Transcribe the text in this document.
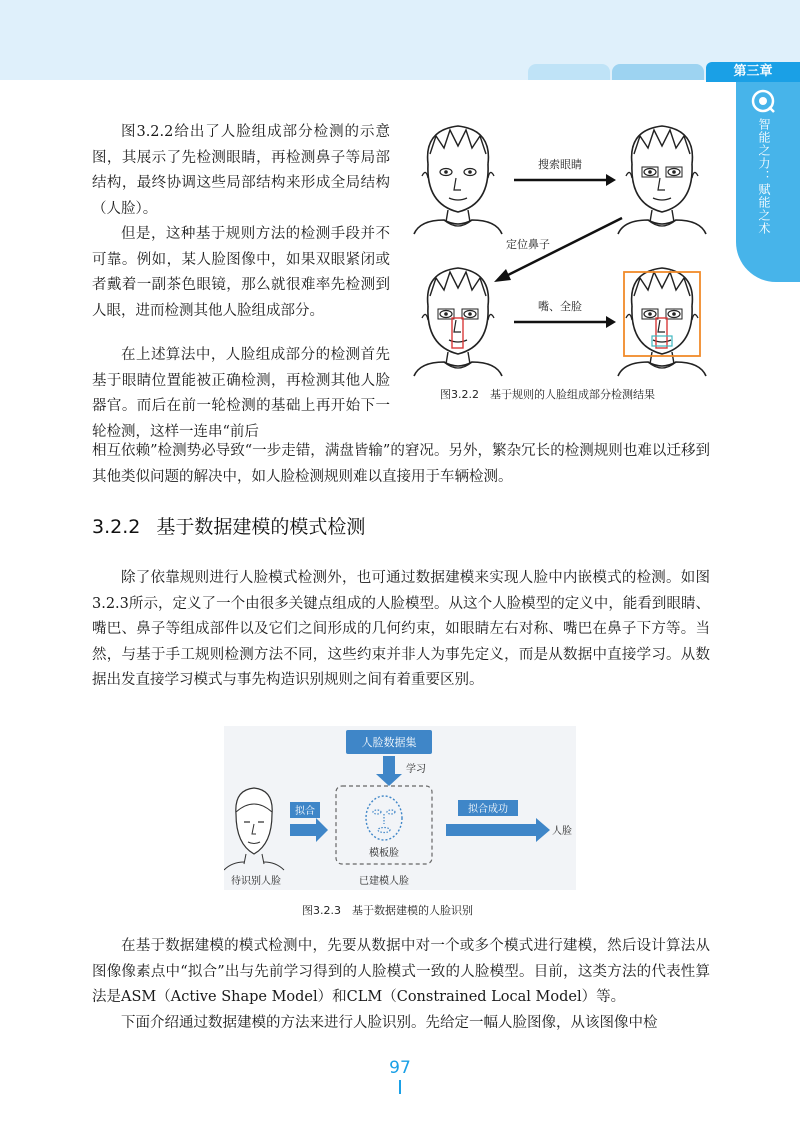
第三章
智能之力：赋能之术

图3.2.2给出了人脸组成部分检测的示意图，其展示了先检测眼睛，再检测鼻子等局部结构，最终协调这些局部结构来形成全局结构（人脸）。

但是，这种基于规则方法的检测手段并不可靠。例如，某人脸图像中，如果双眼紧闭或者戴着一副茶色眼镜，那么就很难率先检测到人眼，进而检测其他人脸组成部分。

在上述算法中，人脸组成部分的检测首先基于眼睛位置能被正确检测，再检测其他人脸器官。而后在前一轮检测的基础上再开始下一轮检测，这样一连串“前后

相互依赖”检测势必导致“一步走错，满盘皆输”的窘况。另外，繁杂冗长的检测规则也难以迁移到其他类似问题的解决中，如人脸检测规则难以直接用于车辆检测。

搜索眼睛
定位鼻子
嘴、全脸
图3.2.2　基于规则的人脸组成部分检测结果
3.2.2 基于数据建模的模式检测

除了依靠规则进行人脸模式检测外，也可通过数据建模来实现人脸中内嵌模式的检测。如图3.2.3所示，定义了一个由很多关键点组成的人脸模型。从这个人脸模型的定义中，能看到眼睛、嘴巴、鼻子等组成部件以及它们之间形成的几何约束，如眼睛左右对称、嘴巴在鼻子下方等。当然，与基于手工规则检测方法不同，这些约束并非人为事先定义，而是从数据中直接学习。从数据出发直接学习模式与事先构造识别规则之间有着重要区别。

人脸数据集
学习
待识别人脸
拟合
模板脸
已建模人脸
拟合成功
人脸
图3.2.3　基于数据建模的人脸识别

在基于数据建模的模式检测中，先要从数据中对一个或多个模式进行建模，然后设计算法从图像像素点中“拟合”出与先前学习得到的人脸模式一致的人脸模型。目前，这类方法的代表性算法是ASM（Active Shape Model）和CLM（Constrained Local Model）等。

下面介绍通过数据建模的方法来进行人脸识别。先给定一幅人脸图像，从该图像中检

97
